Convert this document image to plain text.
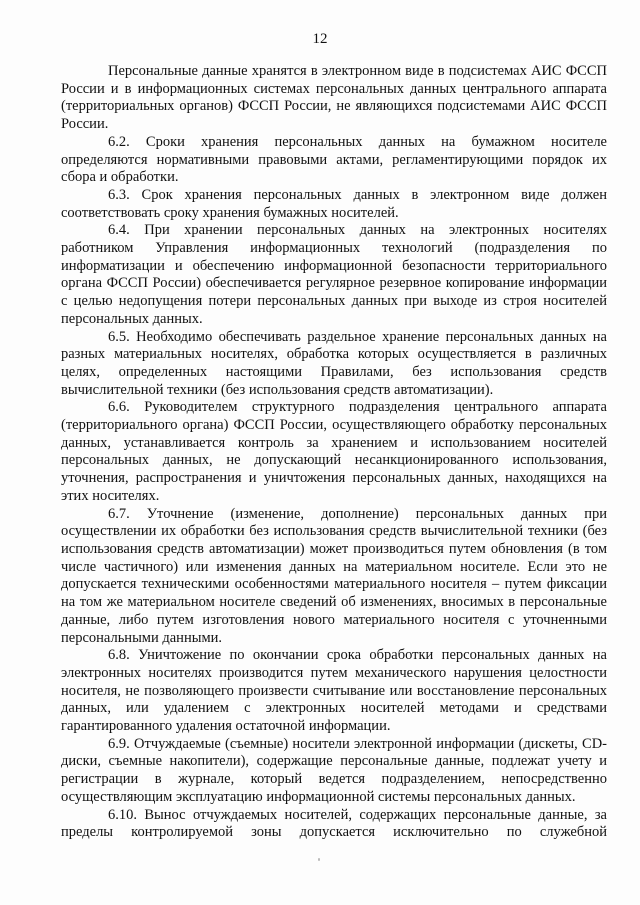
12

Персональные данные хранятся в электронном виде в подсистемах АИС ФССП России и в информационных системах персональных данных центрального аппарата (территориальных органов) ФССП России, не являющихся подсистемами АИС ФССП России.

6.2. Сроки хранения персональных данных на бумажном носителе определяются нормативными правовыми актами, регламентирующими порядок их сбора и обработки.

6.3. Срок хранения персональных данных в электронном виде должен соответствовать сроку хранения бумажных носителей.

6.4. При хранении персональных данных на электронных носителях работником Управления информационных технологий (подразделения по информатизации и обеспечению информационной безопасности территориального органа ФССП России) обеспечивается регулярное резервное копирование информации с целью недопущения потери персональных данных при выходе из строя носителей персональных данных.

6.5. Необходимо обеспечивать раздельное хранение персональных данных на разных материальных носителях, обработка которых осуществляется в различных целях, определенных настоящими Правилами, без использования средств вычислительной техники (без использования средств автоматизации).

6.6. Руководителем структурного подразделения центрального аппарата (территориального органа) ФССП России, осуществляющего обработку персональных данных, устанавливается контроль за хранением и использованием носителей персональных данных, не допускающий несанкционированного использования, уточнения, распространения и уничтожения персональных данных, находящихся на этих носителях.

6.7. Уточнение (изменение, дополнение) персональных данных при осуществлении их обработки без использования средств вычислительной техники (без использования средств автоматизации) может производиться путем обновления (в том числе частичного) или изменения данных на материальном носителе. Если это не допускается техническими особенностями материального носителя – путем фиксации на том же материальном носителе сведений об изменениях, вносимых в персональные данные, либо путем изготовления нового материального носителя с уточненными персональными данными.

6.8. Уничтожение по окончании срока обработки персональных данных на электронных носителях производится путем механического нарушения целостности носителя, не позволяющего произвести считывание или восстановление персональных данных, или удалением с электронных носителей методами и средствами гарантированного удаления остаточной информации.

6.9. Отчуждаемые (съемные) носители электронной информации (дискеты, CD-диски, съемные накопители), содержащие персональные данные, подлежат учету и регистрации в журнале, который ведется подразделением, непосредственно осуществляющим эксплуатацию информационной системы персональных данных.

6.10. Вынос отчуждаемых носителей, содержащих персональные данные, за пределы контролируемой зоны допускается исключительно по служебной
